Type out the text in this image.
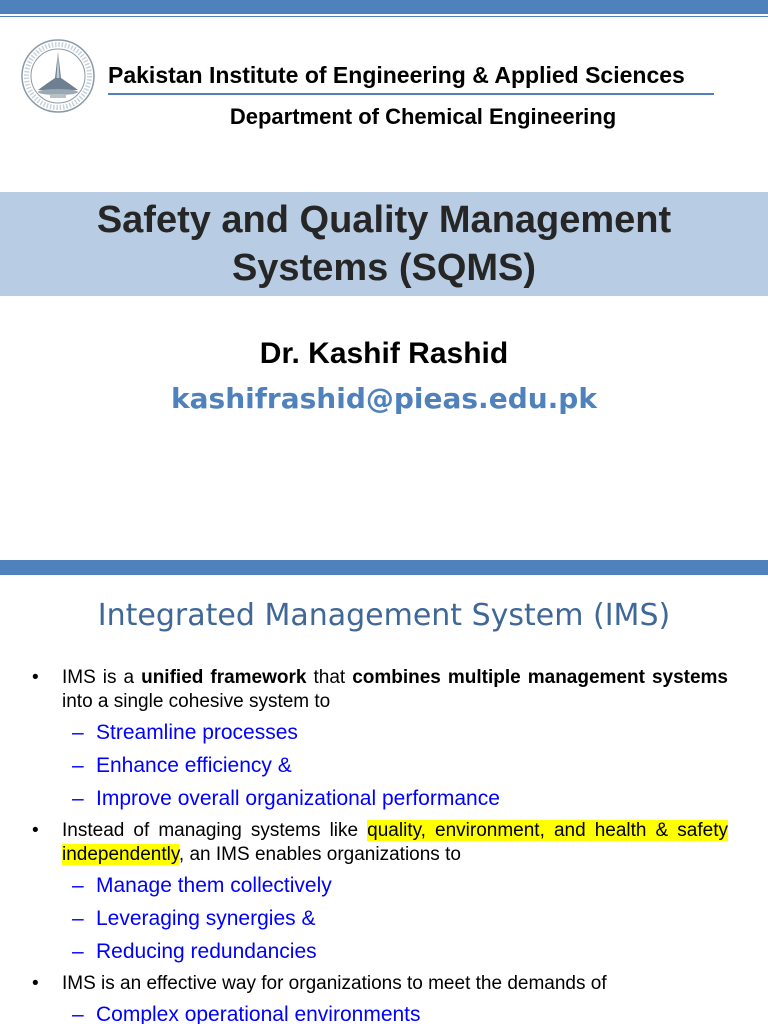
Pakistan Institute of Engineering & Applied Sciences
Department of Chemical Engineering
Safety and Quality Management
Systems (SQMS)
Dr. Kashif Rashid
kashifrashid@pieas.edu.pk
Integrated Management System (IMS)
• IMS is a unified framework that combines multiple management systems into a single cohesive system to
– Streamline processes
– Enhance efficiency &
– Improve overall organizational performance
• Instead of managing systems like quality, environment, and health & safety independently, an IMS enables organizations to
– Manage them collectively
– Leveraging synergies &
– Reducing redundancies
• IMS is an effective way for organizations to meet the demands of
– Complex operational environments
